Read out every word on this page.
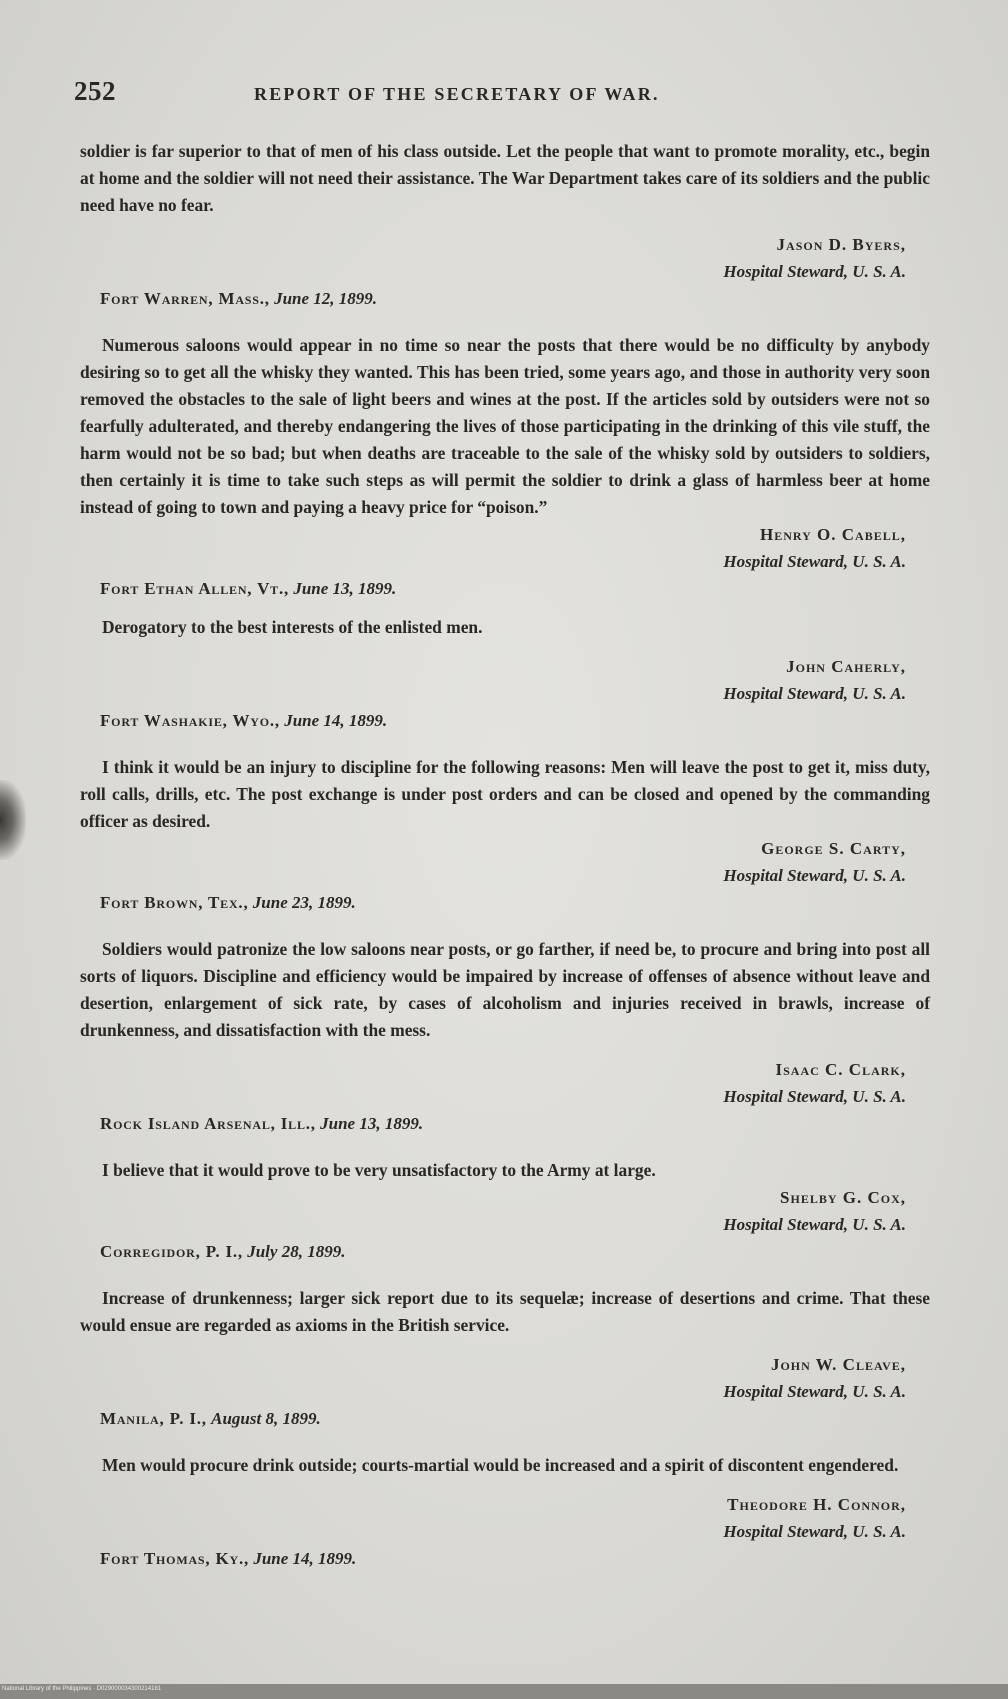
252	REPORT OF THE SECRETARY OF WAR.

soldier is far superior to that of men of his class outside. Let the people that want to promote morality, etc., begin at home and the soldier will not need their assistance. The War Department takes care of its soldiers and the public need have no fear.

Jason D. Byers,
Hospital Steward, U. S. A.
Fort Warren, Mass., June 12, 1899.

Numerous saloons would appear in no time so near the posts that there would be no difficulty by anybody desiring so to get all the whisky they wanted. This has been tried, some years ago, and those in authority very soon removed the obstacles to the sale of light beers and wines at the post. If the articles sold by outsiders were not so fearfully adulterated, and thereby endangering the lives of those participating in the drinking of this vile stuff, the harm would not be so bad; but when deaths are traceable to the sale of the whisky sold by outsiders to soldiers, then certainly it is time to take such steps as will permit the soldier to drink a glass of harmless beer at home instead of going to town and paying a heavy price for “poison.”

Henry O. Cabell,
Hospital Steward, U. S. A.
Fort Ethan Allen, Vt., June 13, 1899.

Derogatory to the best interests of the enlisted men.

John Caherly,
Hospital Steward, U. S. A.
Fort Washakie, Wyo., June 14, 1899.

I think it would be an injury to discipline for the following reasons: Men will leave the post to get it, miss duty, roll calls, drills, etc. The post exchange is under post orders and can be closed and opened by the commanding officer as desired.

George S. Carty,
Hospital Steward, U. S. A.
Fort Brown, Tex., June 23, 1899.

Soldiers would patronize the low saloons near posts, or go farther, if need be, to procure and bring into post all sorts of liquors. Discipline and efficiency would be impaired by increase of offenses of absence without leave and desertion, enlargement of sick rate, by cases of alcoholism and injuries received in brawls, increase of drunkenness, and dissatisfaction with the mess.

Isaac C. Clark,
Hospital Steward, U. S. A.
Rock Island Arsenal, Ill., June 13, 1899.

I believe that it would prove to be very unsatisfactory to the Army at large.

Shelby G. Cox,
Hospital Steward, U. S. A.
Corregidor, P. I., July 28, 1899.

Increase of drunkenness; larger sick report due to its sequelæ; increase of desertions and crime. That these would ensue are regarded as axioms in the British service.

John W. Cleave,
Hospital Steward, U. S. A.
Manila, P. I., August 8, 1899.

Men would procure drink outside; courts-martial would be increased and a spirit of discontent engendered.

Theodore H. Connor,
Hospital Steward, U. S. A.
Fort Thomas, Ky., June 14, 1899.
National Library of the Philippines · D029000034300214181
